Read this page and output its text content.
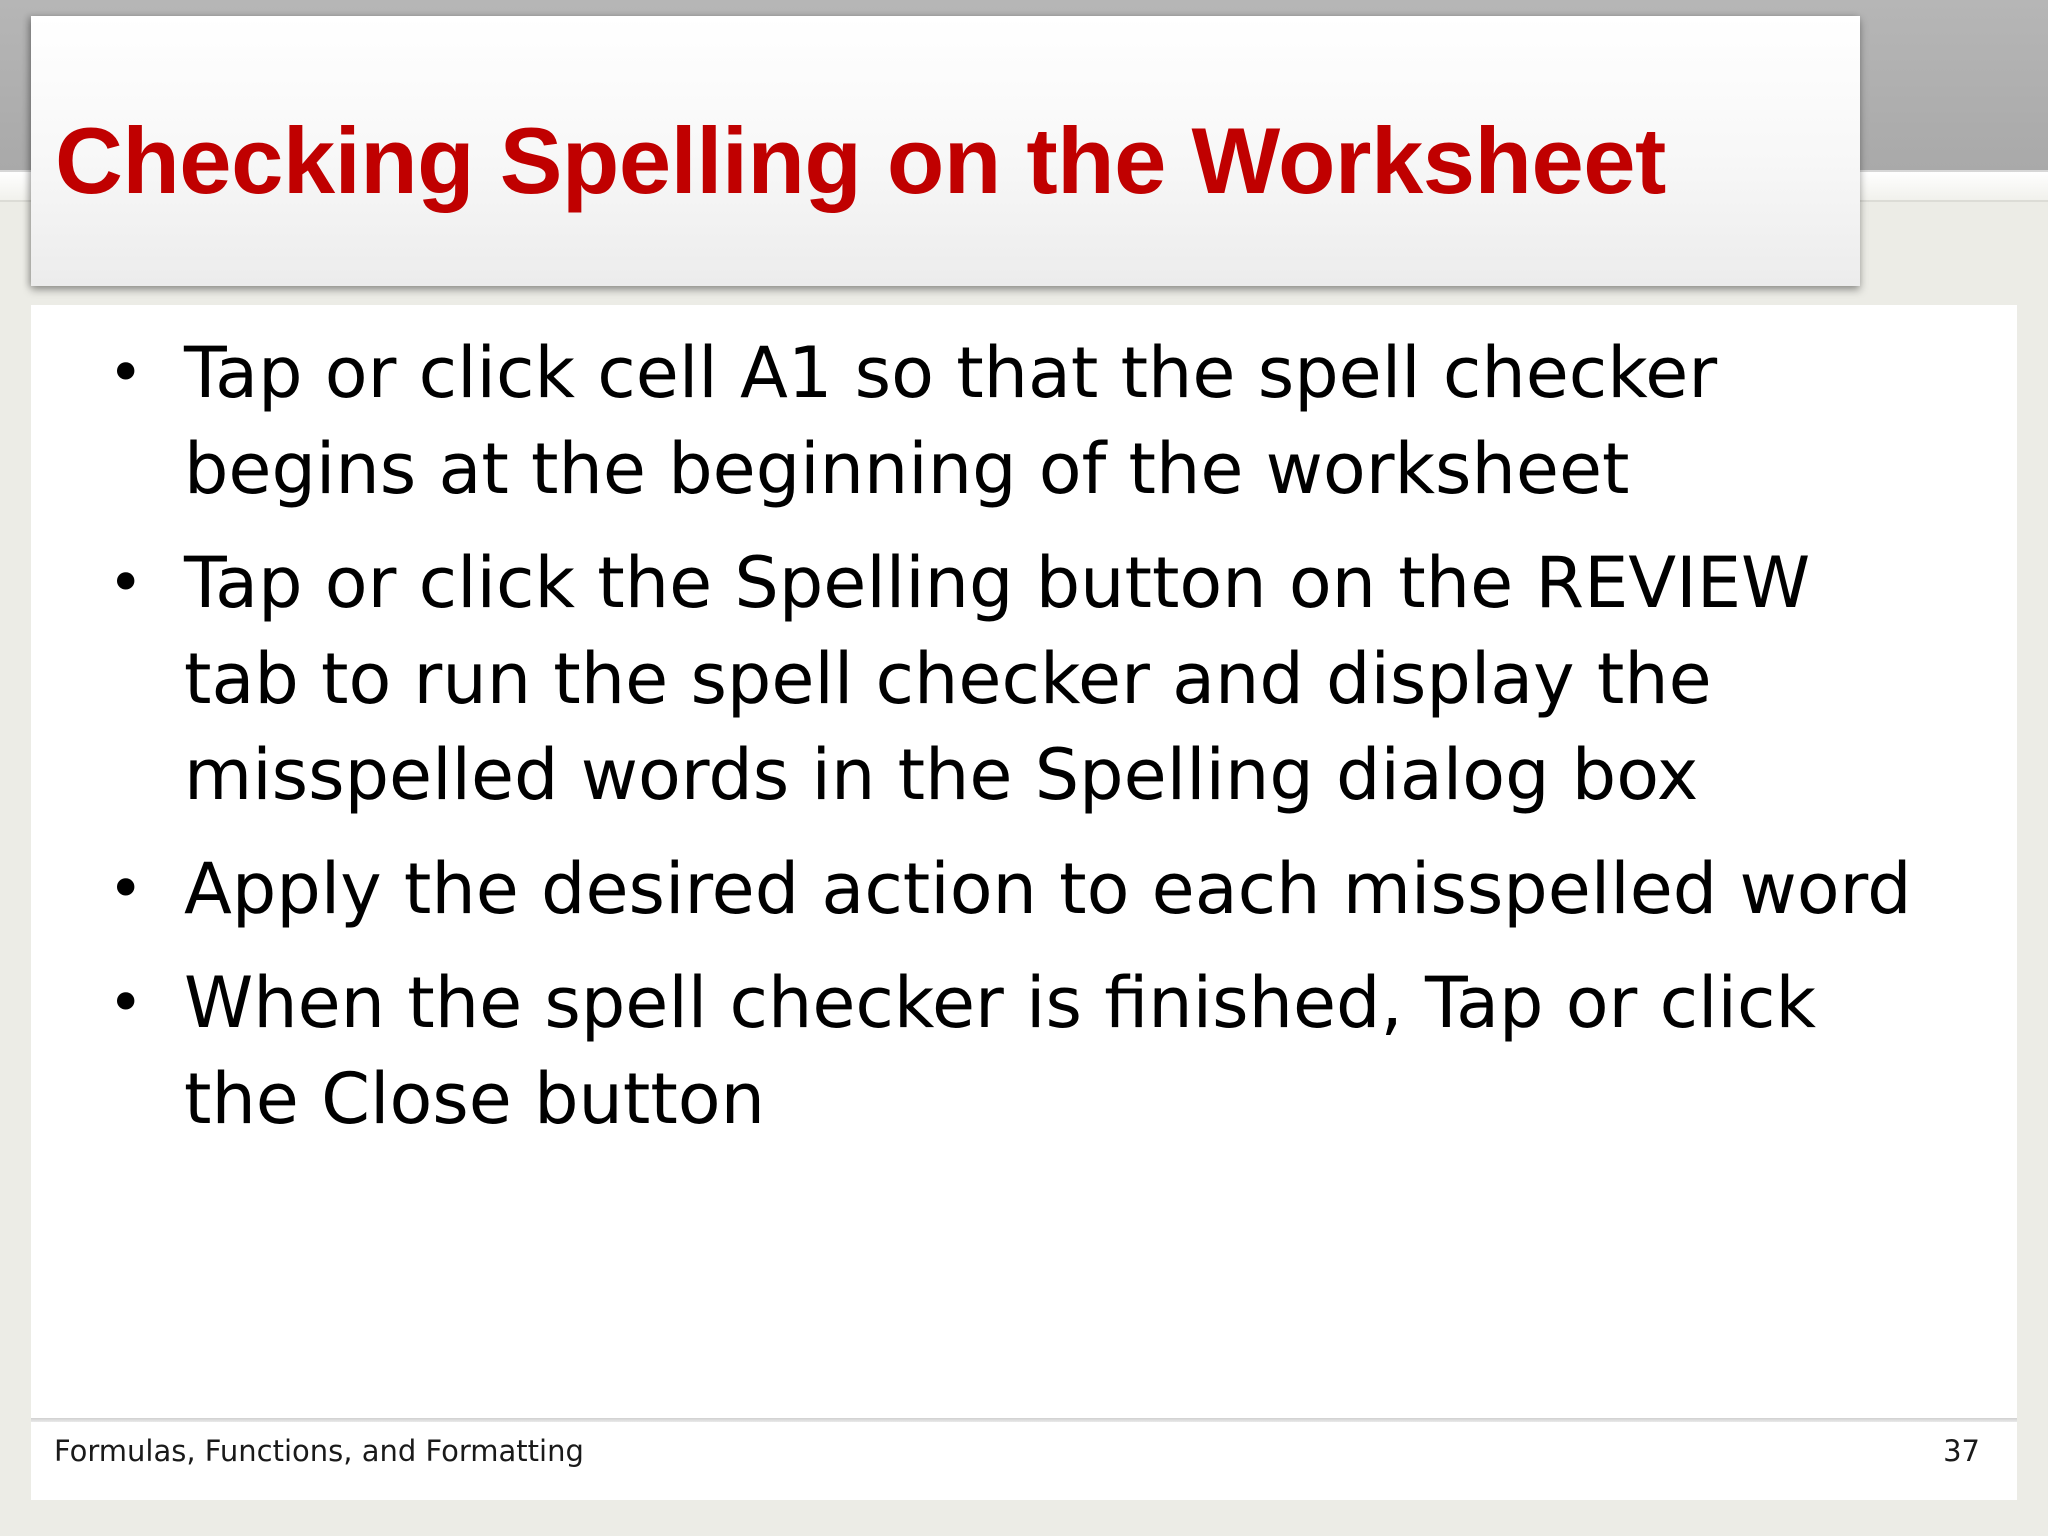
Checking Spelling on the Worksheet
• Tap or click cell A1 so that the spell checker begins at the beginning of the worksheet
• Tap or click the Spelling button on the REVIEW tab to run the spell checker and display the misspelled words in the Spelling dialog box
• Apply the desired action to each misspelled word
• When the spell checker is finished, Tap or click the Close button
Formulas, Functions, and Formatting	37
